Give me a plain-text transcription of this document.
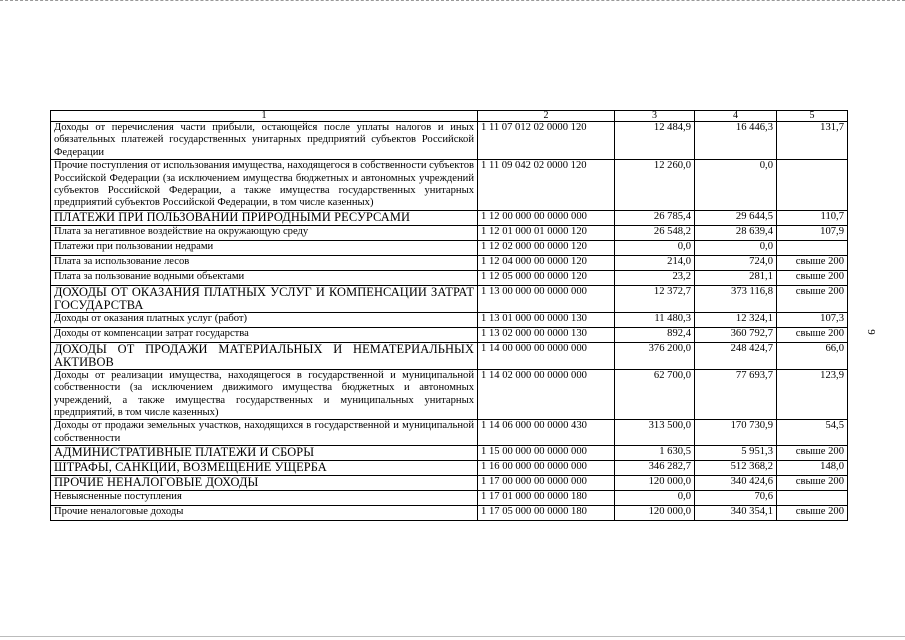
9
1	2	3	4	5
Доходы от перечисления части прибыли, остающейся после уплаты налогов и иных обязательных платежей государственных унитарных предприятий субъектов Российской Федерации	1 11 07 012 02 0000 120	12 484,9	16 446,3	131,7
Прочие поступления от использования имущества, находящегося в собственности субъектов Российской Федерации (за исключением имущества бюджетных и автономных учреждений субъектов Российской Федерации, а также имущества государственных унитарных предприятий субъектов Российской Федерации, в том числе казенных)	1 11 09 042 02 0000 120	12 260,0	0,0	
ПЛАТЕЖИ ПРИ ПОЛЬЗОВАНИИ ПРИРОДНЫМИ РЕСУРСАМИ	1 12 00 000 00 0000 000	26 785,4	29 644,5	110,7
Плата за негативное воздействие на окружающую среду	1 12 01 000 01 0000 120	26 548,2	28 639,4	107,9
Платежи при пользовании недрами	1 12 02 000 00 0000 120	0,0	0,0	
Плата за использование лесов	1 12 04 000 00 0000 120	214,0	724,0	свыше 200
Плата за пользование водными объектами	1 12 05 000 00 0000 120	23,2	281,1	свыше 200
ДОХОДЫ ОТ ОКАЗАНИЯ ПЛАТНЫХ УСЛУГ И КОМПЕНСАЦИИ ЗАТРАТ ГОСУДАРСТВА	1 13 00 000 00 0000 000	12 372,7	373 116,8	свыше 200
Доходы от оказания платных услуг (работ)	1 13 01 000 00 0000 130	11 480,3	12 324,1	107,3
Доходы от компенсации затрат государства	1 13 02 000 00 0000 130	892,4	360 792,7	свыше 200
ДОХОДЫ ОТ ПРОДАЖИ МАТЕРИАЛЬНЫХ И НЕМАТЕРИАЛЬНЫХ АКТИВОВ	1 14 00 000 00 0000 000	376 200,0	248 424,7	66,0
Доходы от реализации имущества, находящегося в государственной и муниципальной собственности (за исключением движимого имущества бюджетных и автономных учреждений, а также имущества государственных и муниципальных унитарных предприятий, в том числе казенных)	1 14 02 000 00 0000 000	62 700,0	77 693,7	123,9
Доходы от продажи земельных участков, находящихся в государственной и муниципальной собственности	1 14 06 000 00 0000 430	313 500,0	170 730,9	54,5
АДМИНИСТРАТИВНЫЕ ПЛАТЕЖИ И СБОРЫ	1 15 00 000 00 0000 000	1 630,5	5 951,3	свыше 200
ШТРАФЫ, САНКЦИИ, ВОЗМЕЩЕНИЕ УЩЕРБА	1 16 00 000 00 0000 000	346 282,7	512 368,2	148,0
ПРОЧИЕ НЕНАЛОГОВЫЕ ДОХОДЫ	1 17 00 000 00 0000 000	120 000,0	340 424,6	свыше 200
Невыясненные поступления	1 17 01 000 00 0000 180	0,0	70,6	
Прочие неналоговые доходы	1 17 05 000 00 0000 180	120 000,0	340 354,1	свыше 200
